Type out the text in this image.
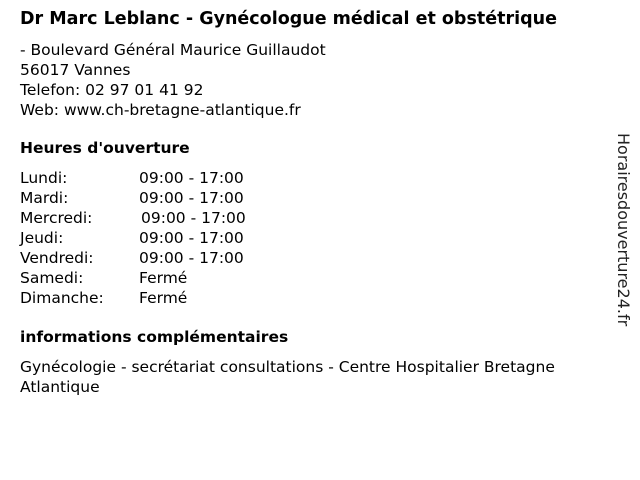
Dr Marc Leblanc - Gynécologue médical et obstétrique
- Boulevard Général Maurice Guillaudot
56017 Vannes
Telefon: 02 97 01 41 92
Web: www.ch-bretagne-atlantique.fr
Heures d'ouverture
Lundi:	09:00 - 17:00
Mardi:	09:00 - 17:00
Mercredi:	09:00 - 17:00
Jeudi:	09:00 - 17:00
Vendredi:	09:00 - 17:00
Samedi:	Fermé
Dimanche:	Fermé
informations complémentaires
Gynécologie - secrétariat consultations - Centre Hospitalier Bretagne Atlantique
Horairesdouverture24.fr
